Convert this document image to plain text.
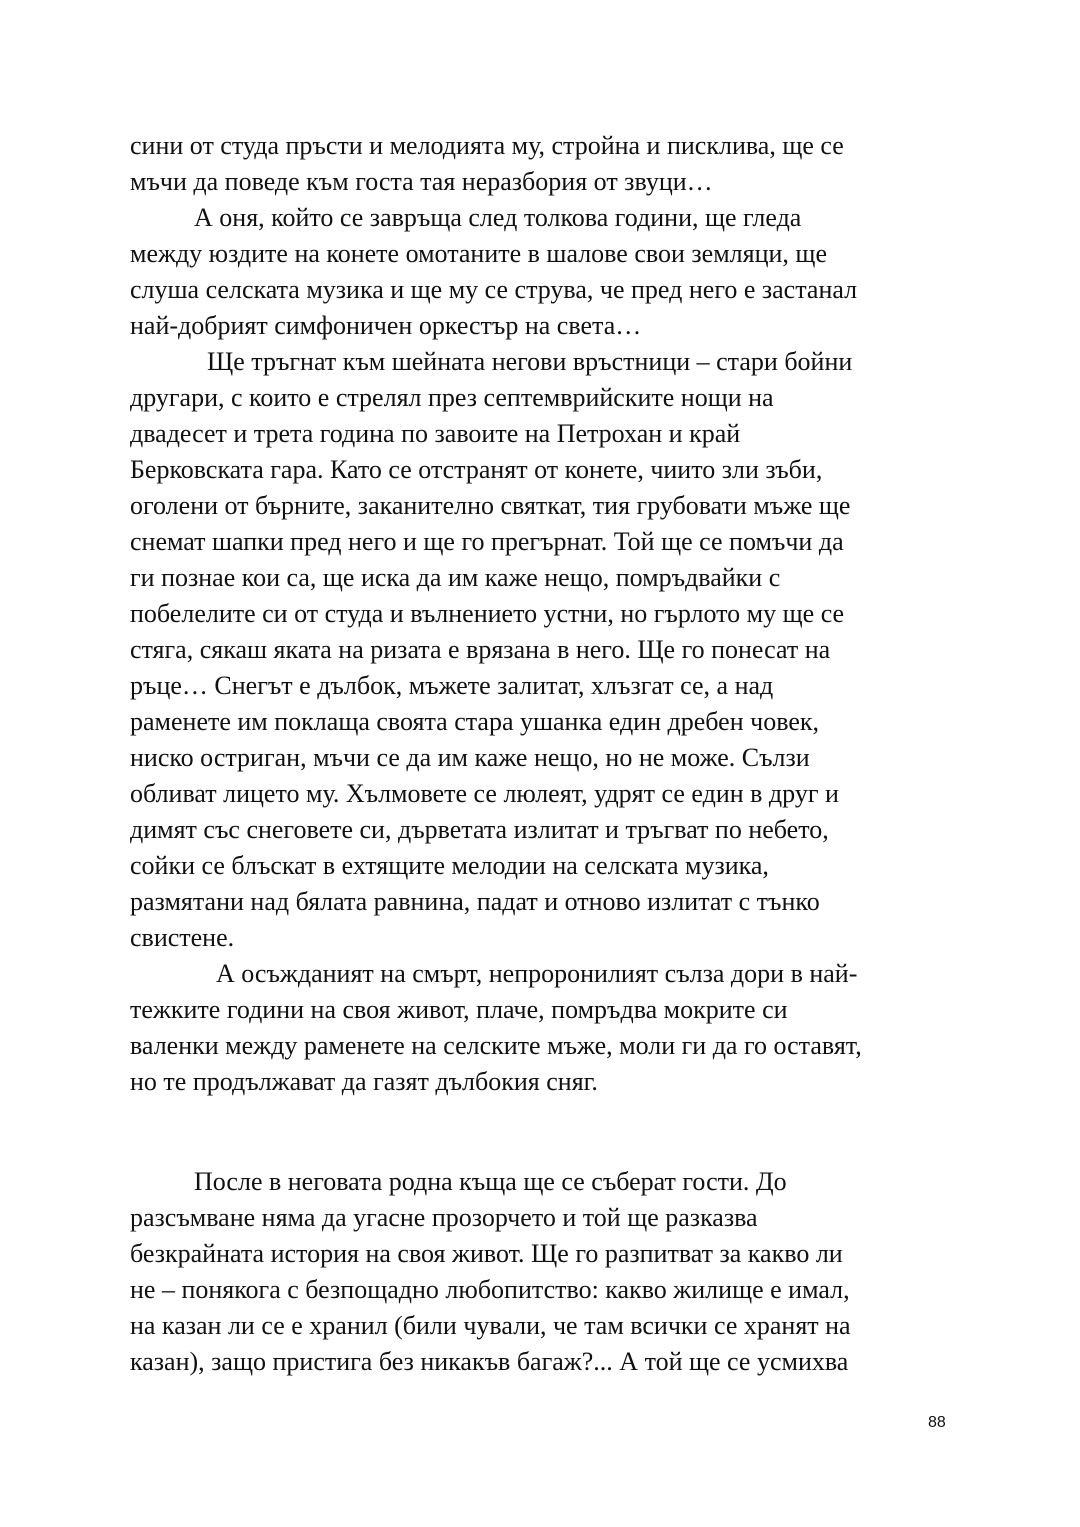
сини от студа пръсти и мелодията му, стройна и писклива, ще се
мъчи да поведе към госта тая неразбория от звуци…
А оня, който се завръща след толкова години, ще гледа
между юздите на конете омотаните в шалове свои земляци, ще
слуша селската музика и ще му се струва, че пред него е застанал
най-добрият симфоничен оркестър на света…
Ще тръгнат към шейната негови връстници – стари бойни
другари, с които е стрелял през септемврийските нощи на
двадесет и трета година по завоите на Петрохан и край
Берковската гара. Като се отстранят от конете, чиито зли зъби,
оголени от бърните, заканително святкат, тия грубовати мъже ще
снемат шапки пред него и ще го прегърнат. Той ще се помъчи да
ги познае кои са, ще иска да им каже нещо, помръдвайки с
побелелите си от студа и вълнението устни, но гърлото му ще се
стяга, сякаш яката на ризата е врязана в него. Ще го понесат на
ръце… Снегът е дълбок, мъжете залитат, хлъзгат се, а над
раменете им поклаща своята стара ушанка един дребен човек,
ниско остриган, мъчи се да им каже нещо, но не може. Сълзи
обливат лицето му. Хълмовете се люлеят, удрят се един в друг и
димят със снеговете си, дърветата излитат и тръгват по небето,
сойки се блъскат в ехтящите мелодии на селската музика,
размятани над бялата равнина, падат и отново излитат с тънко
свистене.
А осъжданият на смърт, непроронилият сълза дори в най-
тежките години на своя живот, плаче, помръдва мокрите си
валенки между раменете на селските мъже, моли ги да го оставят,
но те продължават да газят дълбокия сняг.
После в неговата родна къща ще се съберат гости. До
разсъмване няма да угасне прозорчето и той ще разказва
безкрайната история на своя живот. Ще го разпитват за какво ли
не – понякога с безпощадно любопитство: какво жилище е имал,
на казан ли се е хранил (били чували, че там всички се хранят на
казан), защо пристига без никакъв багаж?... А той ще се усмихва
88
